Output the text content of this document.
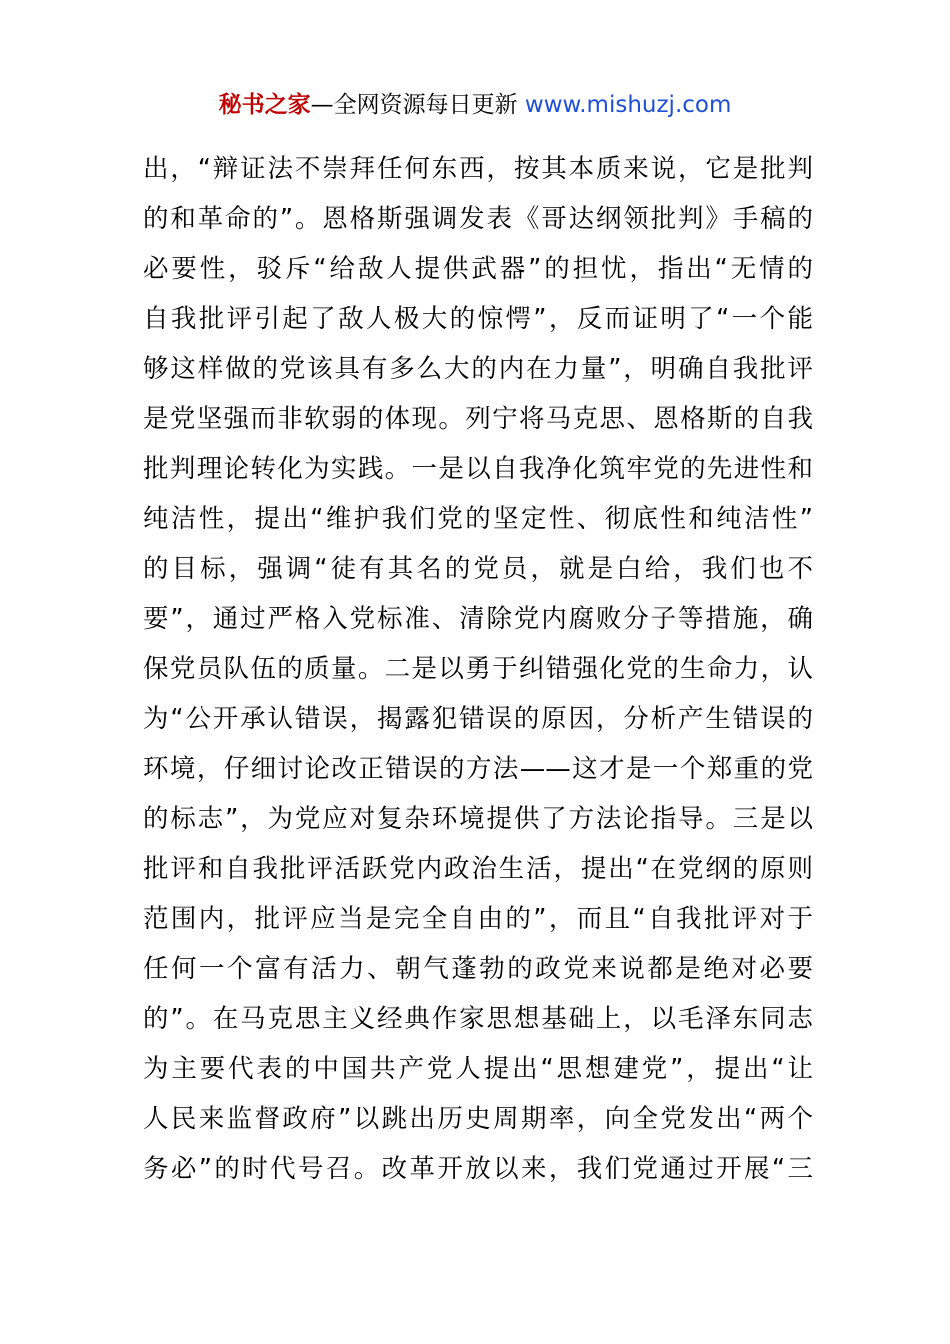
秘书之家—全网资源每日更新 www.mishuzj.com
出，“辩证法不崇拜任何东西，按其本质来说，它是批判
的和革命的”。恩格斯强调发表《哥达纲领批判》手稿的
必要性，驳斥“给敌人提供武器”的担忧，指出“无情的
自我批评引起了敌人极大的惊愕”，反而证明了“一个能
够这样做的党该具有多么大的内在力量”，明确自我批评
是党坚强而非软弱的体现。列宁将马克思、恩格斯的自我
批判理论转化为实践。一是以自我净化筑牢党的先进性和
纯洁性，提出“维护我们党的坚定性、彻底性和纯洁性”
的目标，强调“徒有其名的党员，就是白给，我们也不
要”，通过严格入党标准、清除党内腐败分子等措施，确
保党员队伍的质量。二是以勇于纠错强化党的生命力，认
为“公开承认错误，揭露犯错误的原因，分析产生错误的
环境，仔细讨论改正错误的方法——这才是一个郑重的党
的标志”，为党应对复杂环境提供了方法论指导。三是以
批评和自我批评活跃党内政治生活，提出“在党纲的原则
范围内，批评应当是完全自由的”，而且“自我批评对于
任何一个富有活力、朝气蓬勃的政党来说都是绝对必要
的”。在马克思主义经典作家思想基础上，以毛泽东同志
为主要代表的中国共产党人提出“思想建党”，提出“让
人民来监督政府”以跳出历史周期率，向全党发出“两个
务必”的时代号召。改革开放以来，我们党通过开展“三
